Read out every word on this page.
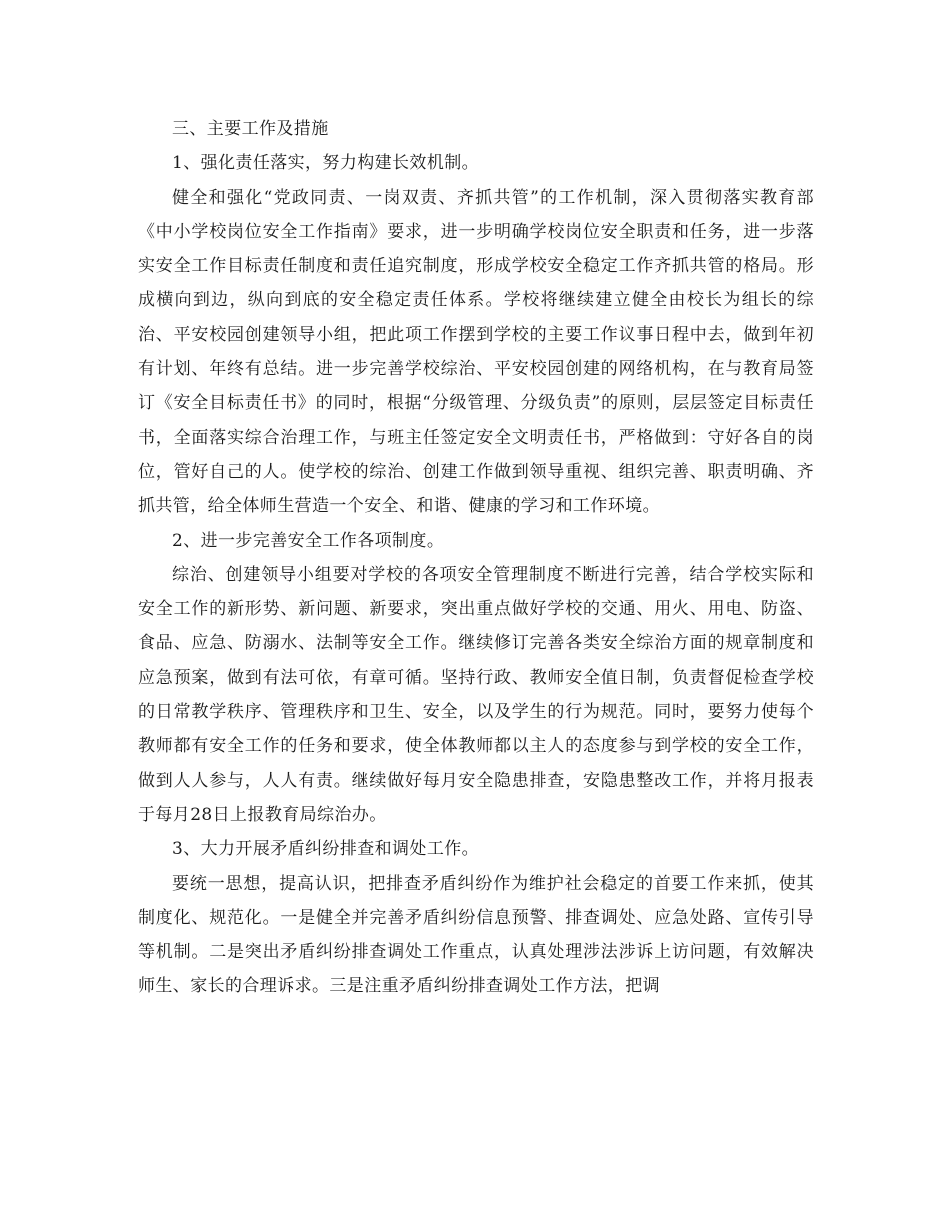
三、主要工作及措施

1、强化责任落实，努力构建长效机制。

健全和强化“党政同责、一岗双责、齐抓共管”的工作机制，深入贯彻落实教育部《中小学校岗位安全工作指南》要求，进一步明确学校岗位安全职责和任务，进一步落实安全工作目标责任制度和责任追究制度，形成学校安全稳定工作齐抓共管的格局。形成横向到边，纵向到底的安全稳定责任体系。学校将继续建立健全由校长为组长的综治、平安校园创建领导小组，把此项工作摆到学校的主要工作议事日程中去，做到年初有计划、年终有总结。进一步完善学校综治、平安校园创建的网络机构，在与教育局签订《安全目标责任书》的同时，根据“分级管理、分级负责”的原则，层层签定目标责任书，全面落实综合治理工作，与班主任签定安全文明责任书，严格做到：守好各自的岗位，管好自己的人。使学校的综治、创建工作做到领导重视、组织完善、职责明确、齐抓共管，给全体师生营造一个安全、和谐、健康的学习和工作环境。

2、进一步完善安全工作各项制度。

综治、创建领导小组要对学校的各项安全管理制度不断进行完善，结合学校实际和安全工作的新形势、新问题、新要求，突出重点做好学校的交通、用火、用电、防盗、食品、应急、防溺水、法制等安全工作。继续修订完善各类安全综治方面的规章制度和应急预案，做到有法可依，有章可循。坚持行政、教师安全值日制，负责督促检查学校的日常教学秩序、管理秩序和卫生、安全，以及学生的行为规范。同时，要努力使每个教师都有安全工作的任务和要求，使全体教师都以主人的态度参与到学校的安全工作，做到人人参与，人人有责。继续做好每月安全隐患排查，安隐患整改工作，并将月报表于每月28日上报教育局综治办。

3、大力开展矛盾纠纷排查和调处工作。

要统一思想，提高认识，把排查矛盾纠纷作为维护社会稳定的首要工作来抓，使其制度化、规范化。一是健全并完善矛盾纠纷信息预警、排查调处、应急处路、宣传引导等机制。二是突出矛盾纠纷排查调处工作重点，认真处理涉法涉诉上访问题，有效解决师生、家长的合理诉求。三是注重矛盾纠纷排查调处工作方法，把调
